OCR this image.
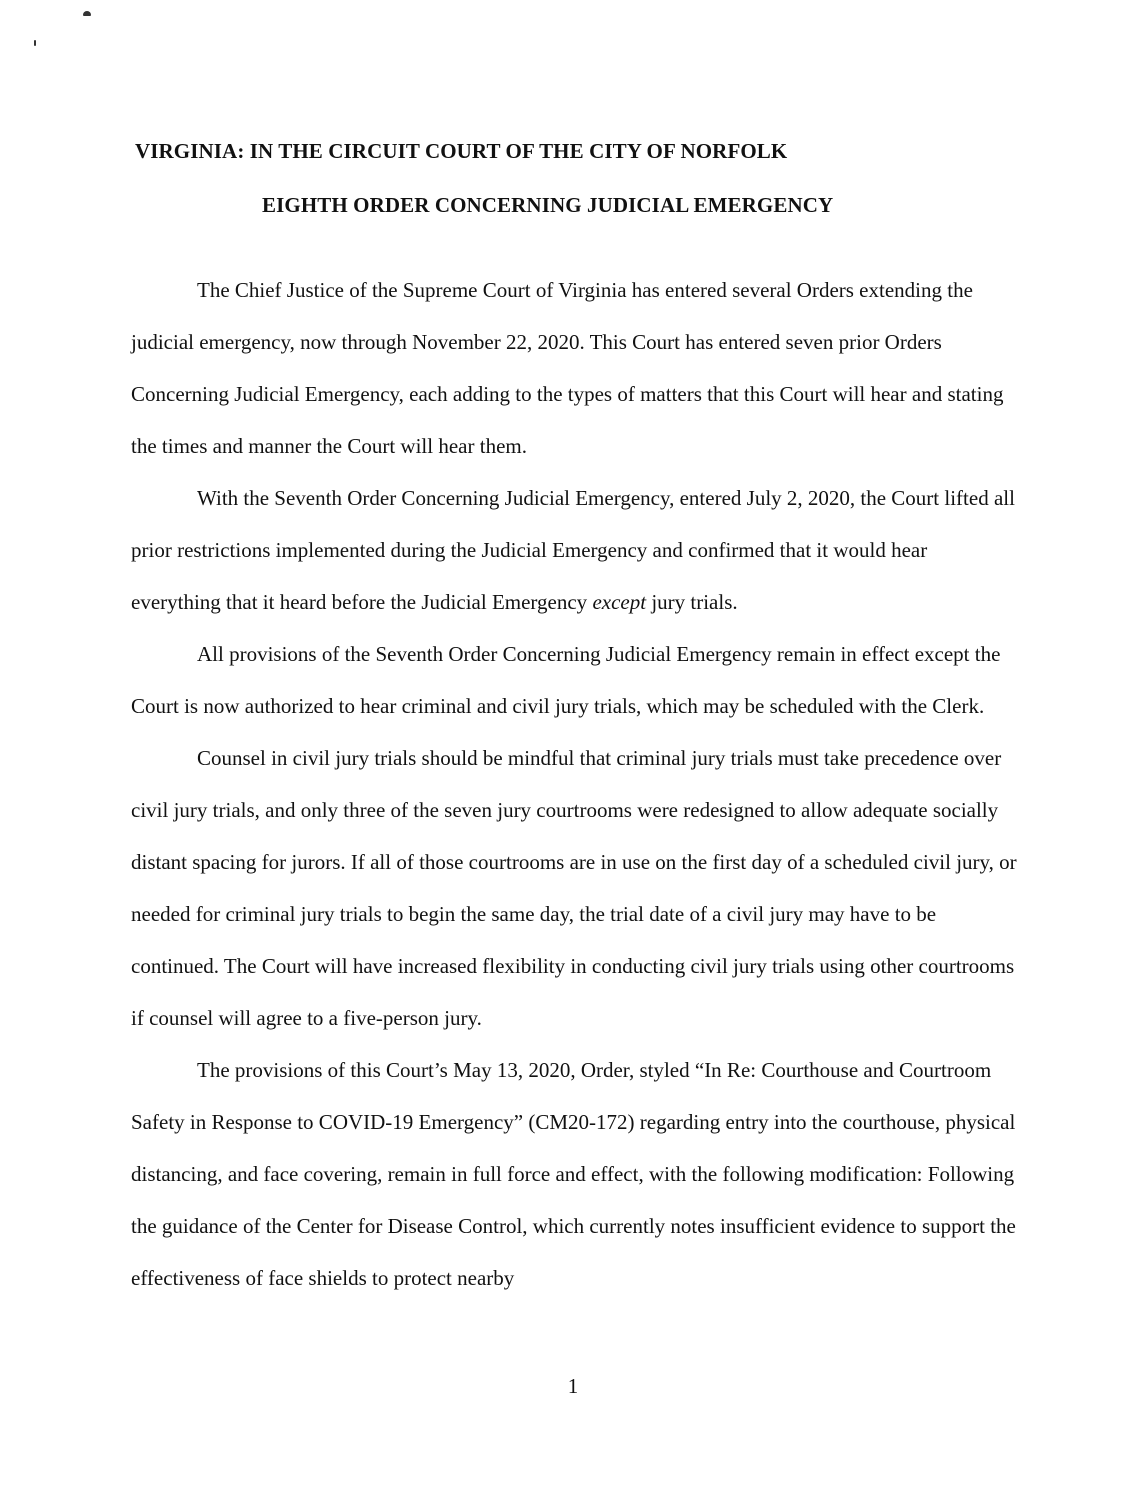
VIRGINIA: IN THE CIRCUIT COURT OF THE CITY OF NORFOLK
EIGHTH ORDER CONCERNING JUDICIAL EMERGENCY

The Chief Justice of the Supreme Court of Virginia has entered several Orders extending the judicial emergency, now through November 22, 2020. This Court has entered seven prior Orders Concerning Judicial Emergency, each adding to the types of matters that this Court will hear and stating the times and manner the Court will hear them.

With the Seventh Order Concerning Judicial Emergency, entered July 2, 2020, the Court lifted all prior restrictions implemented during the Judicial Emergency and confirmed that it would hear everything that it heard before the Judicial Emergency except jury trials.

All provisions of the Seventh Order Concerning Judicial Emergency remain in effect except the Court is now authorized to hear criminal and civil jury trials, which may be scheduled with the Clerk.

Counsel in civil jury trials should be mindful that criminal jury trials must take precedence over civil jury trials, and only three of the seven jury courtrooms were redesigned to allow adequate socially distant spacing for jurors. If all of those courtrooms are in use on the first day of a scheduled civil jury, or needed for criminal jury trials to begin the same day, the trial date of a civil jury may have to be continued. The Court will have increased flexibility in conducting civil jury trials using other courtrooms if counsel will agree to a five-person jury.

The provisions of this Court’s May 13, 2020, Order, styled “In Re: Courthouse and Courtroom Safety in Response to COVID-19 Emergency” (CM20-172) regarding entry into the courthouse, physical distancing, and face covering, remain in full force and effect, with the following modification: Following the guidance of the Center for Disease Control, which currently notes insufficient evidence to support the effectiveness of face shields to protect nearby

1
